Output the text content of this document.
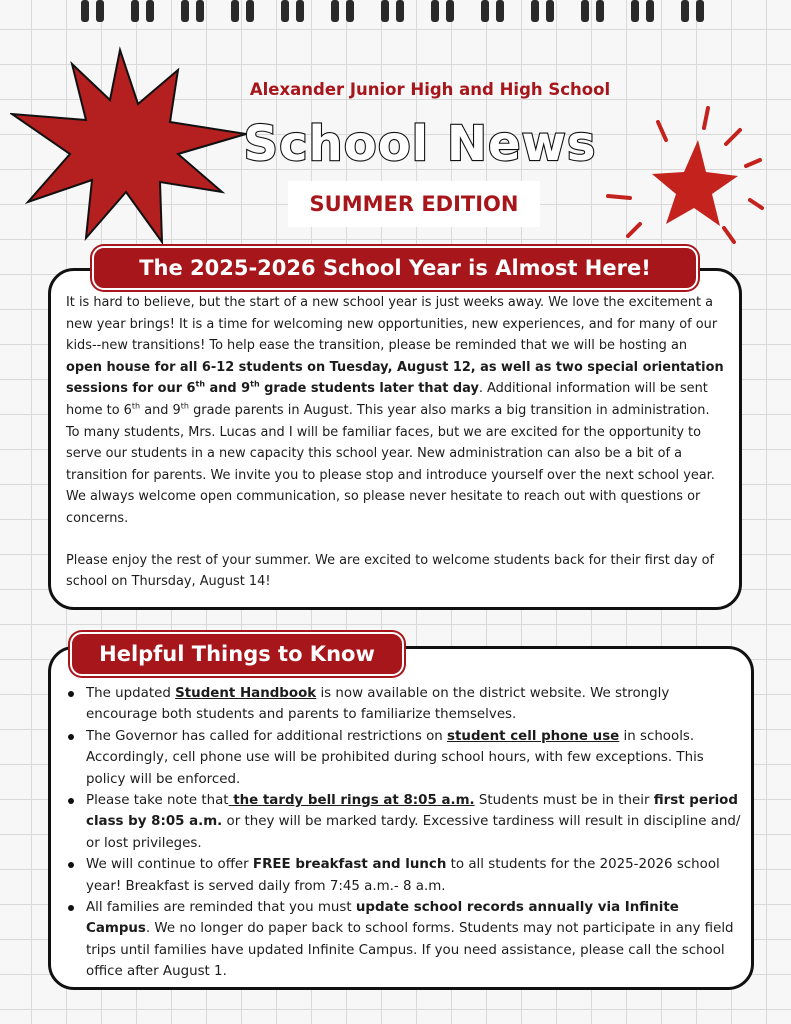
Alexander Junior High and High School
School News
SUMMER EDITION
The 2025-2026 School Year is Almost Here!

It is hard to believe, but the start of a new school year is just weeks away. We love the excitement a new year brings! It is a time for welcoming new opportunities, new experiences, and for many of our kids--new transitions! To help ease the transition, please be reminded that we will be hosting an open house for all 6-12 students on Tuesday, August 12, as well as two special orientation sessions for our 6th and 9th grade students later that day. Additional information will be sent home to 6th and 9th grade parents in August. This year also marks a big transition in administration. To many students, Mrs. Lucas and I will be familiar faces, but we are excited for the opportunity to serve our students in a new capacity this school year. New administration can also be a bit of a transition for parents. We invite you to please stop and introduce yourself over the next school year. We always welcome open communication, so please never hesitate to reach out with questions or concerns.

Please enjoy the rest of your summer. We are excited to welcome students back for their first day of school on Thursday, August 14!

Helpful Things to Know
The updated Student Handbook is now available on the district website. We strongly encourage both students and parents to familiarize themselves.
The Governor has called for additional restrictions on student cell phone use in schools. Accordingly, cell phone use will be prohibited during school hours, with few exceptions. This policy will be enforced.
Please take note that the tardy bell rings at 8:05 a.m. Students must be in their first period class by 8:05 a.m. or they will be marked tardy. Excessive tardiness will result in discipline and/ or lost privileges.
We will continue to offer FREE breakfast and lunch to all students for the 2025-2026 school year! Breakfast is served daily from 7:45 a.m.- 8 a.m.
All families are reminded that you must update school records annually via Infinite Campus. We no longer do paper back to school forms. Students may not participate in any field trips until families have updated Infinite Campus. If you need assistance, please call the school office after August 1.
